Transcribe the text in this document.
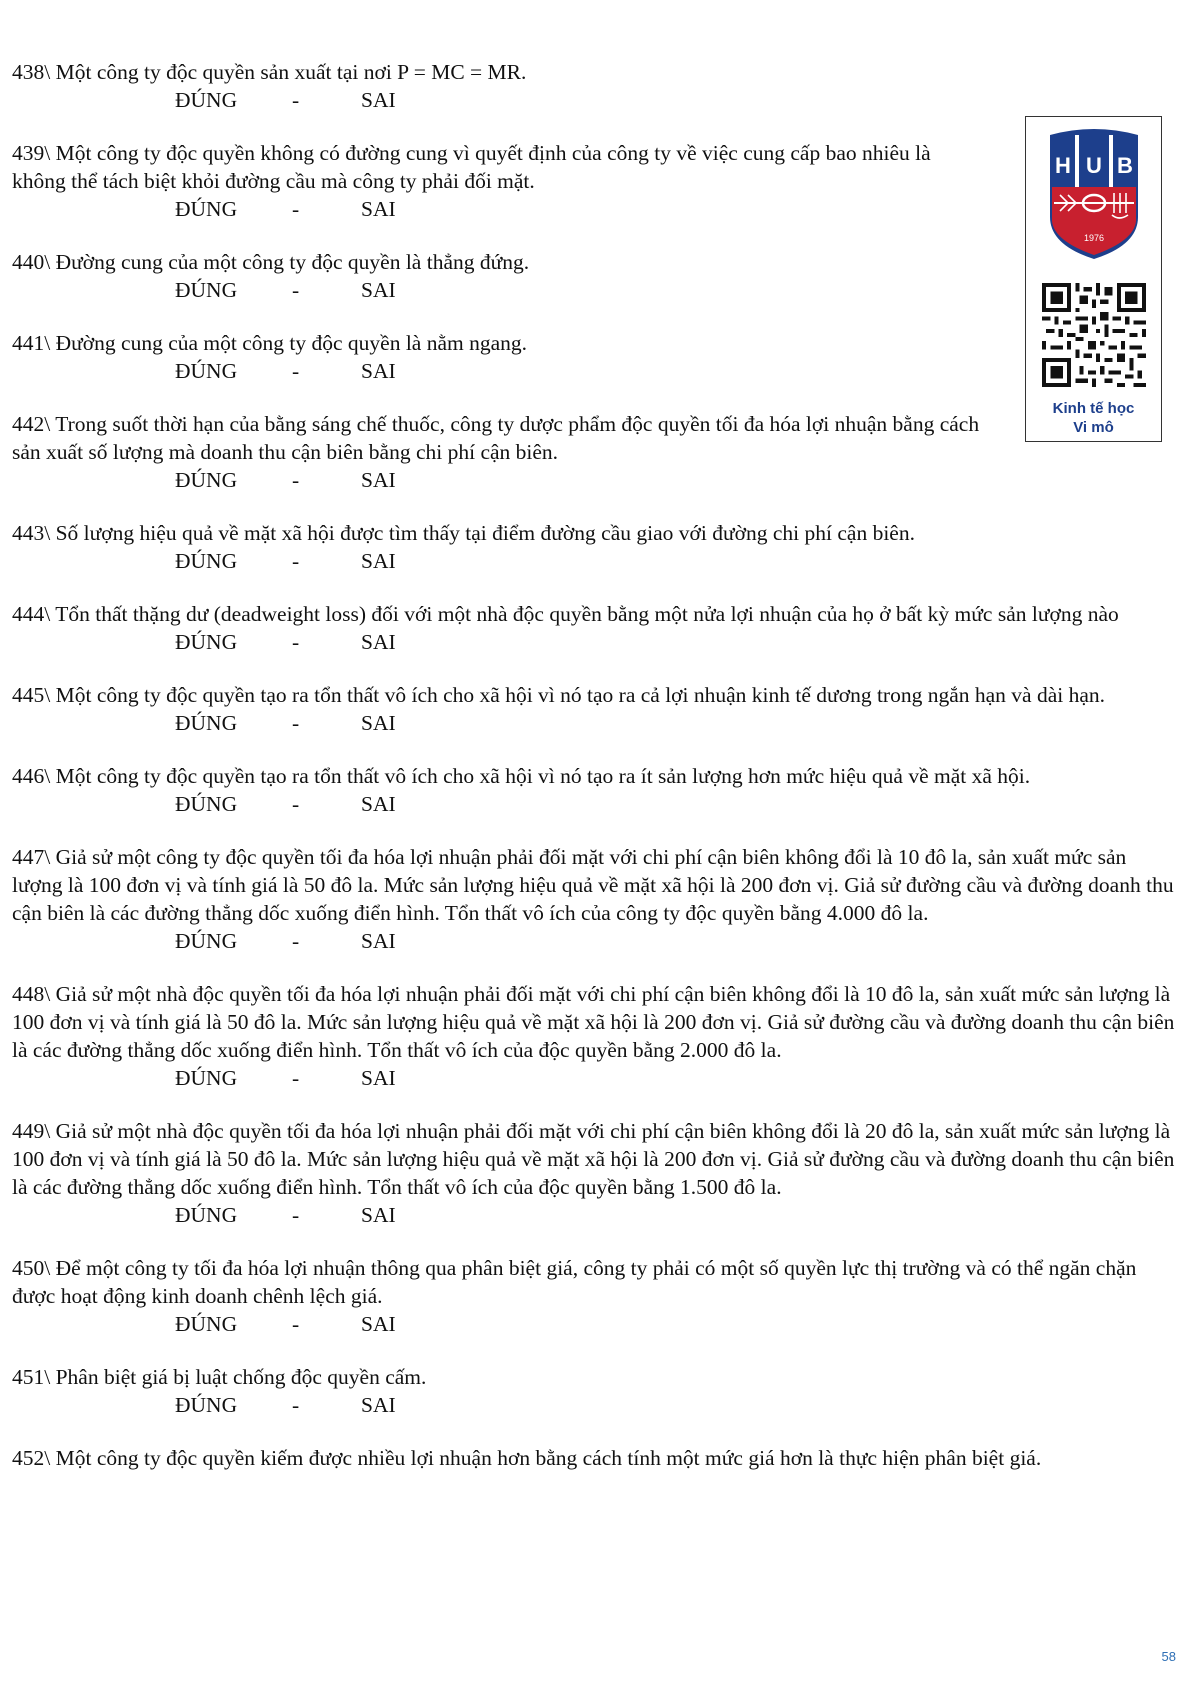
438\ Một công ty độc quyền sản xuất tại nơi P = MC = MR.

ĐÚNG	-	SAI

439\ Một công ty độc quyền không có đường cung vì quyết định của công ty về việc cung cấp bao nhiêu là không thể tách biệt khỏi đường cầu mà công ty phải đối mặt.

ĐÚNG	-	SAI

440\ Đường cung của một công ty độc quyền là thẳng đứng.

ĐÚNG	-	SAI

441\ Đường cung của một công ty độc quyền là nằm ngang.

ĐÚNG	-	SAI

442\ Trong suốt thời hạn của bằng sáng chế thuốc, công ty dược phẩm độc quyền tối đa hóa lợi nhuận bằng cách sản xuất số lượng mà doanh thu cận biên bằng chi phí cận biên.

ĐÚNG	-	SAI

443\ Số lượng hiệu quả về mặt xã hội được tìm thấy tại điểm đường cầu giao với đường chi phí cận biên.

ĐÚNG	-	SAI

444\ Tổn thất thặng dư (deadweight loss) đối với một nhà độc quyền bằng một nửa lợi nhuận của họ ở bất kỳ mức sản lượng nào

ĐÚNG	-	SAI

445\ Một công ty độc quyền tạo ra tổn thất vô ích cho xã hội vì nó tạo ra cả lợi nhuận kinh tế dương trong ngắn hạn và dài hạn.

ĐÚNG	-	SAI

446\ Một công ty độc quyền tạo ra tổn thất vô ích cho xã hội vì nó tạo ra ít sản lượng hơn mức hiệu quả về mặt xã hội.

ĐÚNG	-	SAI

447\ Giả sử một công ty độc quyền tối đa hóa lợi nhuận phải đối mặt với chi phí cận biên không đổi là 10 đô la, sản xuất mức sản lượng là 100 đơn vị và tính giá là 50 đô la. Mức sản lượng hiệu quả về mặt xã hội là 200 đơn vị. Giả sử đường cầu và đường doanh thu cận biên là các đường thẳng dốc xuống điển hình. Tổn thất vô ích của công ty độc quyền bằng 4.000 đô la.

ĐÚNG	-	SAI

448\ Giả sử một nhà độc quyền tối đa hóa lợi nhuận phải đối mặt với chi phí cận biên không đổi là 10 đô la, sản xuất mức sản lượng là 100 đơn vị và tính giá là 50 đô la. Mức sản lượng hiệu quả về mặt xã hội là 200 đơn vị. Giả sử đường cầu và đường doanh thu cận biên là các đường thẳng dốc xuống điển hình. Tổn thất vô ích của độc quyền bằng 2.000 đô la.

ĐÚNG	-	SAI

449\ Giả sử một nhà độc quyền tối đa hóa lợi nhuận phải đối mặt với chi phí cận biên không đổi là 20 đô la, sản xuất mức sản lượng là 100 đơn vị và tính giá là 50 đô la. Mức sản lượng hiệu quả về mặt xã hội là 200 đơn vị. Giả sử đường cầu và đường doanh thu cận biên là các đường thẳng dốc xuống điển hình. Tổn thất vô ích của độc quyền bằng 1.500 đô la.

ĐÚNG	-	SAI

450\ Để một công ty tối đa hóa lợi nhuận thông qua phân biệt giá, công ty phải có một số quyền lực thị trường và có thể ngăn chặn được hoạt động kinh doanh chênh lệch giá.

ĐÚNG	-	SAI

451\ Phân biệt giá bị luật chống độc quyền cấm.

ĐÚNG	-	SAI

452\ Một công ty độc quyền kiếm được nhiều lợi nhuận hơn bằng cách tính một mức giá hơn là thực hiện phân biệt giá.

H U B
1976
Kinh tế học
Vi mô
58
